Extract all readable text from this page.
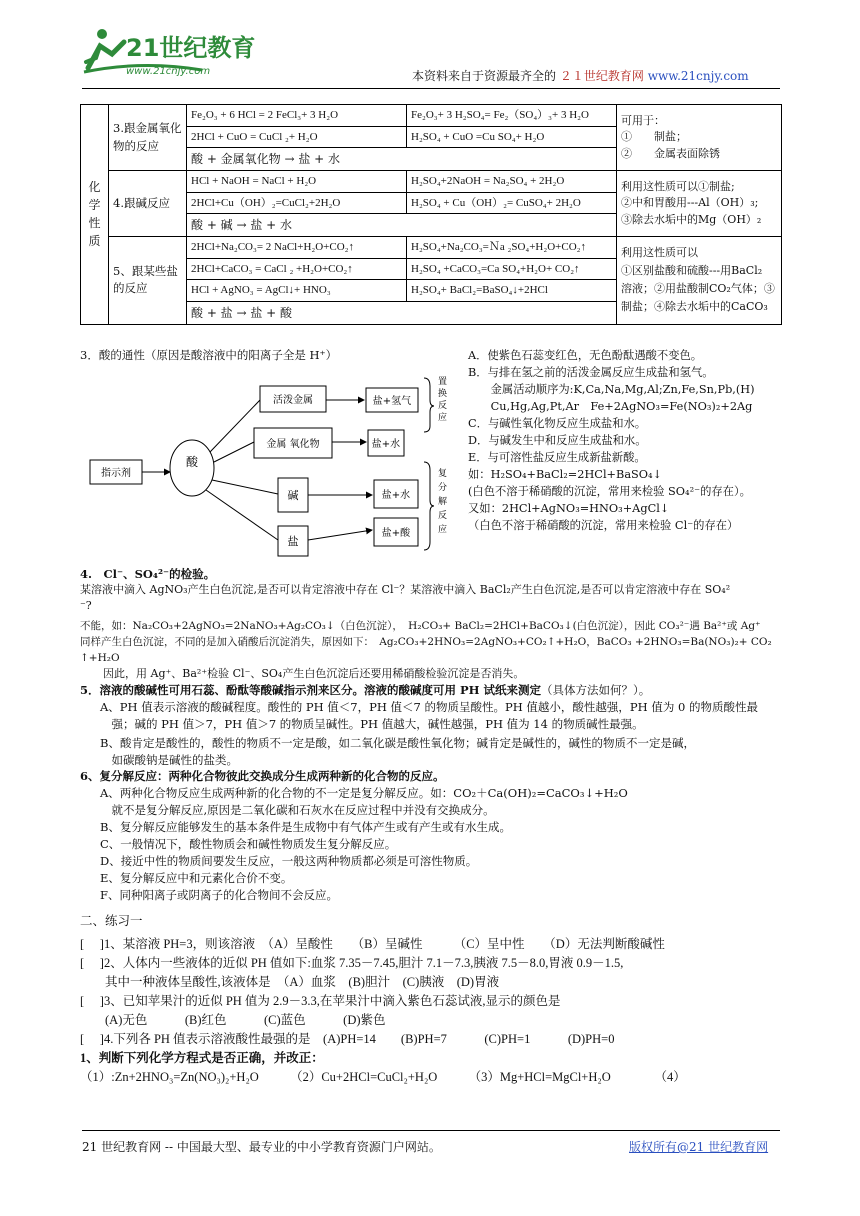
21世纪教育
www.21cnjy.com	本资料来自于资源最齐全的 ２１世纪教育网 www.21cnjy.com
化学性质	3.跟金属氧化物的反应	Fe₂O₃ + 6 HCl = 2 FeCl₃+ 3 H₂O	Fe₂O₃+ 3 H₂SO₄= Fe₂（SO₄）₃+ 3 H₂O	可用于：
①　　制盐；
②　　金属表面除锈

		2HCl + CuO = CuCl ₂+ H₂O	H₂SO₄ + CuO =Cu SO₄+ H₂O	
		酸 + 金属氧化物 → 盐 + 水		
	4.跟碱反应	HCl + NaOH = NaCl + H₂O	H₂SO₄+2NaOH = Na₂SO₄ + 2H₂O	利用这性质可以①制盐;
②中和胃酸用---Al（OH）₃;
③除去水垢中的Mg（OH）₂

		2HCl+Cu（OH）₂=CuCl₂+2H₂O	H₂SO₄ + Cu（OH）₂= CuSO₄+ 2H₂O	
		酸 + 碱 → 盐 + 水		
	5、跟某些盐的反应	2HCl+Na₂CO₃= 2 NaCl+H₂O+CO₂↑	H₂SO₄+Na₂CO₃=Ｎa ₂SO₄+H₂O+CO₂↑	利用这性质可以
①区别盐酸和硫酸---用BaCl₂
溶液；②用盐酸制CO₂气体；③
制盐；④除去水垢中的CaCO₃

		2HCl+CaCO₃ = CaCl ₂ +H₂O+CO₂↑	H₂SO₄ +CaCO₃=Ca SO₄+H₂O+ CO₂↑	
		HCl + AgNO₃ = AgCl↓+ HNO₃	H₂SO₄+ BaCl₂=BaSO₄↓+2HCl	
		酸 + 盐 → 盐 + 酸		
3．酸的通性（原因是酸溶液中的阳离子全是 H⁺）
指示剂
酸
活泼金属
金属 氧化物
碱
盐
盐+氢气
盐+水
盐+水
盐+酸
置换反应
复分解反应
A．使紫色石蕊变红色，无色酚酞遇酸不变色。
B．与排在氢之前的活泼金属反应生成盐和氢气。
　　金属活动顺序为:K,Ca,Na,Mg,Al;Zn,Fe,Sn,Pb,(H)
　　Cu,Hg,Ag,Pt,Ar　Fe+2AgNO₃=Fe(NO₃)₂+2Ag
C．与碱性氧化物反应生成盐和水。
D．与碱发生中和反应生成盐和水。
E．与可溶性盐反应生成新盐新酸。
如：H₂SO₄+BaCl₂=2HCl+BaSO₄↓
(白色不溶于稀硝酸的沉淀，常用来检验 SO₄²⁻的存在）。
又如：2HCl+AgNO₃=HNO₃+AgCl↓
（白色不溶于稀硝酸的沉淀，常用来检验 Cl⁻的存在）
4.　Cl⁻、SO₄²⁻的检验。
某溶液中滴入 AgNO₃产生白色沉淀,是否可以肯定溶液中存在 Cl⁻？某溶液中滴入 BaCl₂产生白色沉淀,是否可以肯定溶液中存在 SO₄²
⁻?
不能，如：Na₂CO₃+2AgNO₃=2NaNO₃+Ag₂CO₃↓（白色沉淀），　H₂CO₃+ BaCl₂=2HCl+BaCO₃↓(白色沉淀），因此 CO₃²⁻遇 Ba²⁺或 Ag⁺
同样产生白色沉淀，不同的是加入硝酸后沉淀消失，原因如下：　Ag₂CO₃+2HNO₃=2AgNO₃+CO₂↑+H₂O，BaCO₃ +2HNO₃=Ba(NO₃)₂+ CO₂
↑+H₂O
　因此，用 Ag⁺、Ba²⁺检验 Cl⁻、SO₄产生白色沉淀后还要用稀硝酸检验沉淀是否消失。
5．溶液的酸碱性可用石蕊、酚酞等酸碱指示剂来区分。溶液的酸碱度可用 PH 试纸来测定（具体方法如何？）。
A、PH 值表示溶液的酸碱程度。酸性的 PH 值＜7，PH 值＜7 的物质呈酸性。PH 值越小，酸性越强，PH 值为 0 的物质酸性最
　强；碱的 PH 值＞7，PH 值＞7 的物质呈碱性。PH 值越大，碱性越强，PH 值为 14 的物质碱性最强。
B、酸肯定是酸性的，酸性的物质不一定是酸，如二氧化碳是酸性氧化物；碱肯定是碱性的，碱性的物质不一定是碱，
　如碳酸钠是碱性的盐类。
6、复分解反应：两种化合物彼此交换成分生成两种新的化合物的反应。
A、两种化合物反应生成两种新的化合物的不一定是复分解反应。如：CO₂＋Ca(OH)₂=CaCO₃↓+H₂O
　就不是复分解反应,原因是二氧化碳和石灰水在反应过程中并没有交换成分。
B、复分解反应能够发生的基本条件是生成物中有气体产生或有产生或有水生成。
C、一般情况下，酸性物质会和碱性物质发生复分解反应。
D、接近中性的物质间要发生反应，一般这两种物质都必须是可溶性物质。
E、复分解反应中和元素化合价不变。
F、同种阳离子或阴离子的化合物间不会反应。
二、练习一
[　 ]1、某溶液 PH=3，则该溶液　（A）呈酸性　　（B）呈碱性　　　（C）呈中性　　（D）无法判断酸碱性
[　 ]2、人体内一些液体的近似 PH 值如下:血浆 7.35－7.45,胆汁 7.1－7.3,胰液 7.5－8.0,胃液 0.9－1.5,
　　其中一种液体呈酸性,该液体是　（A）血浆　(B)胆汁　(C)胰液　(D)胃液
[　 ]3、已知苹果汁的近似 PH 值为 2.9－3.3,在苹果汁中滴入紫色石蕊试液,显示的颜色是
　　(A)无色　　　(B)红色　　　(C)蓝色　　　(D)紫色
[　 ]4.下列各 PH 值表示溶液酸性最强的是　(A)PH=14　　(B)PH=7　　　(C)PH=1　　　(D)PH=0
1、判断下列化学方程式是否正确，并改正：
（1）:Zn+2HNO₃=Zn(NO₃)₂+H₂O　　　（2）Cu+2HCl=CuCl₂+H₂O　　　（3）Mg+HCl=MgCl+H₂O　　　　（4）
21 世纪教育网 -- 中国最大型、最专业的中小学教育资源门户网站。	版权所有@21 世纪教育网
